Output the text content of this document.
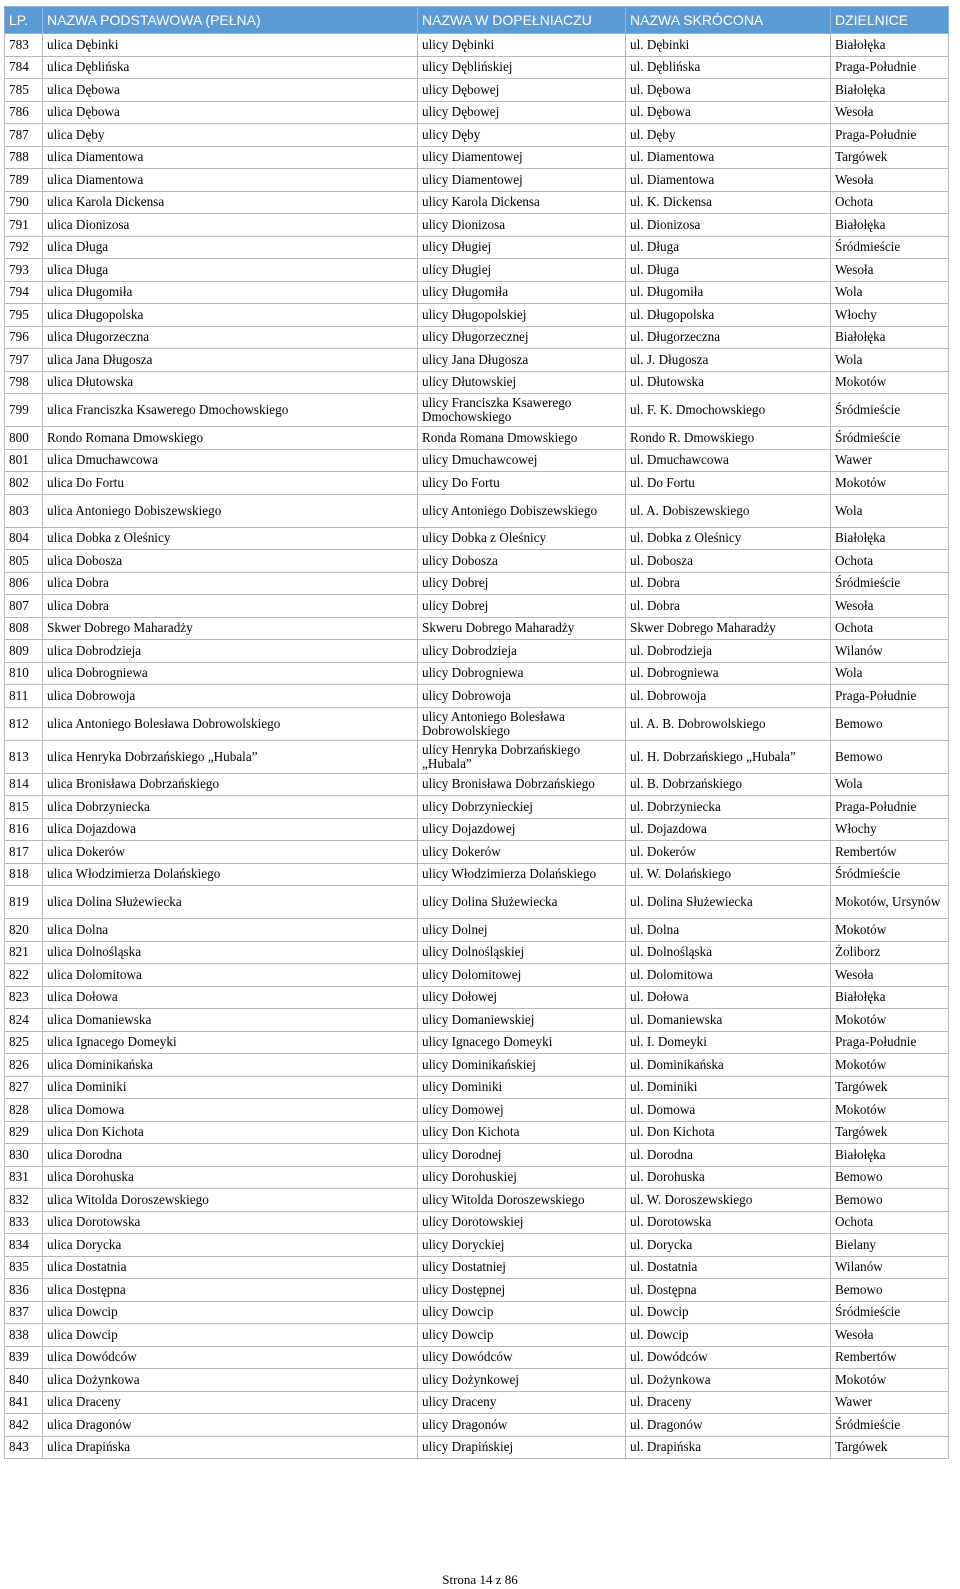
LP.	NAZWA PODSTAWOWA (PEŁNA)	NAZWA W DOPEŁNIACZU	NAZWA SKRÓCONA	DZIELNICE
783	ulica Dębinki	ulicy Dębinki	ul. Dębinki	Białołęka
784	ulica Dęblińska	ulicy Dęblińskiej	ul. Dęblińska	Praga-Południe
785	ulica Dębowa	ulicy Dębowej	ul. Dębowa	Białołęka
786	ulica Dębowa	ulicy Dębowej	ul. Dębowa	Wesoła
787	ulica Dęby	ulicy Dęby	ul. Dęby	Praga-Południe
788	ulica Diamentowa	ulicy Diamentowej	ul. Diamentowa	Targówek
789	ulica Diamentowa	ulicy Diamentowej	ul. Diamentowa	Wesoła
790	ulica Karola Dickensa	ulicy Karola Dickensa	ul. K. Dickensa	Ochota
791	ulica Dionizosa	ulicy Dionizosa	ul. Dionizosa	Białołęka
792	ulica Długa	ulicy Długiej	ul. Długa	Śródmieście
793	ulica Długa	ulicy Długiej	ul. Długa	Wesoła
794	ulica Długomiła	ulicy Długomiła	ul. Długomiła	Wola
795	ulica Długopolska	ulicy Długopolskiej	ul. Długopolska	Włochy
796	ulica Długorzeczna	ulicy Długorzecznej	ul. Długorzeczna	Białołęka
797	ulica Jana Długosza	ulicy Jana Długosza	ul. J. Długosza	Wola
798	ulica Dłutowska	ulicy Dłutowskiej	ul. Dłutowska	Mokotów
799	ulica Franciszka Ksawerego Dmochowskiego	ulicy Franciszka Ksawerego Dmochowskiego	ul. F. K. Dmochowskiego	Śródmieście
800	Rondo Romana Dmowskiego	Ronda Romana Dmowskiego	Rondo R. Dmowskiego	Śródmieście
801	ulica Dmuchawcowa	ulicy Dmuchawcowej	ul. Dmuchawcowa	Wawer
802	ulica Do Fortu	ulicy Do Fortu	ul. Do Fortu	Mokotów
803	ulica Antoniego Dobiszewskiego	ulicy Antoniego Dobiszewskiego	ul. A. Dobiszewskiego	Wola
804	ulica Dobka z Oleśnicy	ulicy Dobka z Oleśnicy	ul. Dobka z Oleśnicy	Białołęka
805	ulica Dobosza	ulicy Dobosza	ul. Dobosza	Ochota
806	ulica Dobra	ulicy Dobrej	ul. Dobra	Śródmieście
807	ulica Dobra	ulicy Dobrej	ul. Dobra	Wesoła
808	Skwer Dobrego Maharadży	Skweru Dobrego Maharadży	Skwer Dobrego Maharadży	Ochota
809	ulica Dobrodzieja	ulicy Dobrodzieja	ul. Dobrodzieja	Wilanów
810	ulica Dobrogniewa	ulicy Dobrogniewa	ul. Dobrogniewa	Wola
811	ulica Dobrowoja	ulicy Dobrowoja	ul. Dobrowoja	Praga-Południe
812	ulica Antoniego Bolesława Dobrowolskiego	ulicy Antoniego Bolesława Dobrowolskiego	ul. A. B. Dobrowolskiego	Bemowo
813	ulica Henryka Dobrzańskiego „Hubala”	ulicy Henryka Dobrzańskiego „Hubala”	ul. H. Dobrzańskiego „Hubala”	Bemowo
814	ulica Bronisława Dobrzańskiego	ulicy Bronisława Dobrzańskiego	ul. B. Dobrzańskiego	Wola
815	ulica Dobrzyniecka	ulicy Dobrzynieckiej	ul. Dobrzyniecka	Praga-Południe
816	ulica Dojazdowa	ulicy Dojazdowej	ul. Dojazdowa	Włochy
817	ulica Dokerów	ulicy Dokerów	ul. Dokerów	Rembertów
818	ulica Włodzimierza Dolańskiego	ulicy Włodzimierza Dolańskiego	ul. W. Dolańskiego	Śródmieście
819	ulica Dolina Służewiecka	ulicy Dolina Służewiecka	ul. Dolina Służewiecka	Mokotów, Ursynów
820	ulica Dolna	ulicy Dolnej	ul. Dolna	Mokotów
821	ulica Dolnośląska	ulicy Dolnośląskiej	ul. Dolnośląska	Żoliborz
822	ulica Dolomitowa	ulicy Dolomitowej	ul. Dolomitowa	Wesoła
823	ulica Dołowa	ulicy Dołowej	ul. Dołowa	Białołęka
824	ulica Domaniewska	ulicy Domaniewskiej	ul. Domaniewska	Mokotów
825	ulica Ignacego Domeyki	ulicy Ignacego Domeyki	ul. I. Domeyki	Praga-Południe
826	ulica Dominikańska	ulicy Dominikańskiej	ul. Dominikańska	Mokotów
827	ulica Dominiki	ulicy Dominiki	ul. Dominiki	Targówek
828	ulica Domowa	ulicy Domowej	ul. Domowa	Mokotów
829	ulica Don Kichota	ulicy Don Kichota	ul. Don Kichota	Targówek
830	ulica Dorodna	ulicy Dorodnej	ul. Dorodna	Białołęka
831	ulica Dorohuska	ulicy Dorohuskiej	ul. Dorohuska	Bemowo
832	ulica Witolda Doroszewskiego	ulicy Witolda Doroszewskiego	ul. W. Doroszewskiego	Bemowo
833	ulica Dorotowska	ulicy Dorotowskiej	ul. Dorotowska	Ochota
834	ulica Dorycka	ulicy Doryckiej	ul. Dorycka	Bielany
835	ulica Dostatnia	ulicy Dostatniej	ul. Dostatnia	Wilanów
836	ulica Dostępna	ulicy Dostępnej	ul. Dostępna	Bemowo
837	ulica Dowcip	ulicy Dowcip	ul. Dowcip	Śródmieście
838	ulica Dowcip	ulicy Dowcip	ul. Dowcip	Wesoła
839	ulica Dowódców	ulicy Dowódców	ul. Dowódców	Rembertów
840	ulica Dożynkowa	ulicy Dożynkowej	ul. Dożynkowa	Mokotów
841	ulica Draceny	ulicy Draceny	ul. Draceny	Wawer
842	ulica Dragonów	ulicy Dragonów	ul. Dragonów	Śródmieście
843	ulica Drapińska	ulicy Drapińskiej	ul. Drapińska	Targówek
Strona 14 z 86
